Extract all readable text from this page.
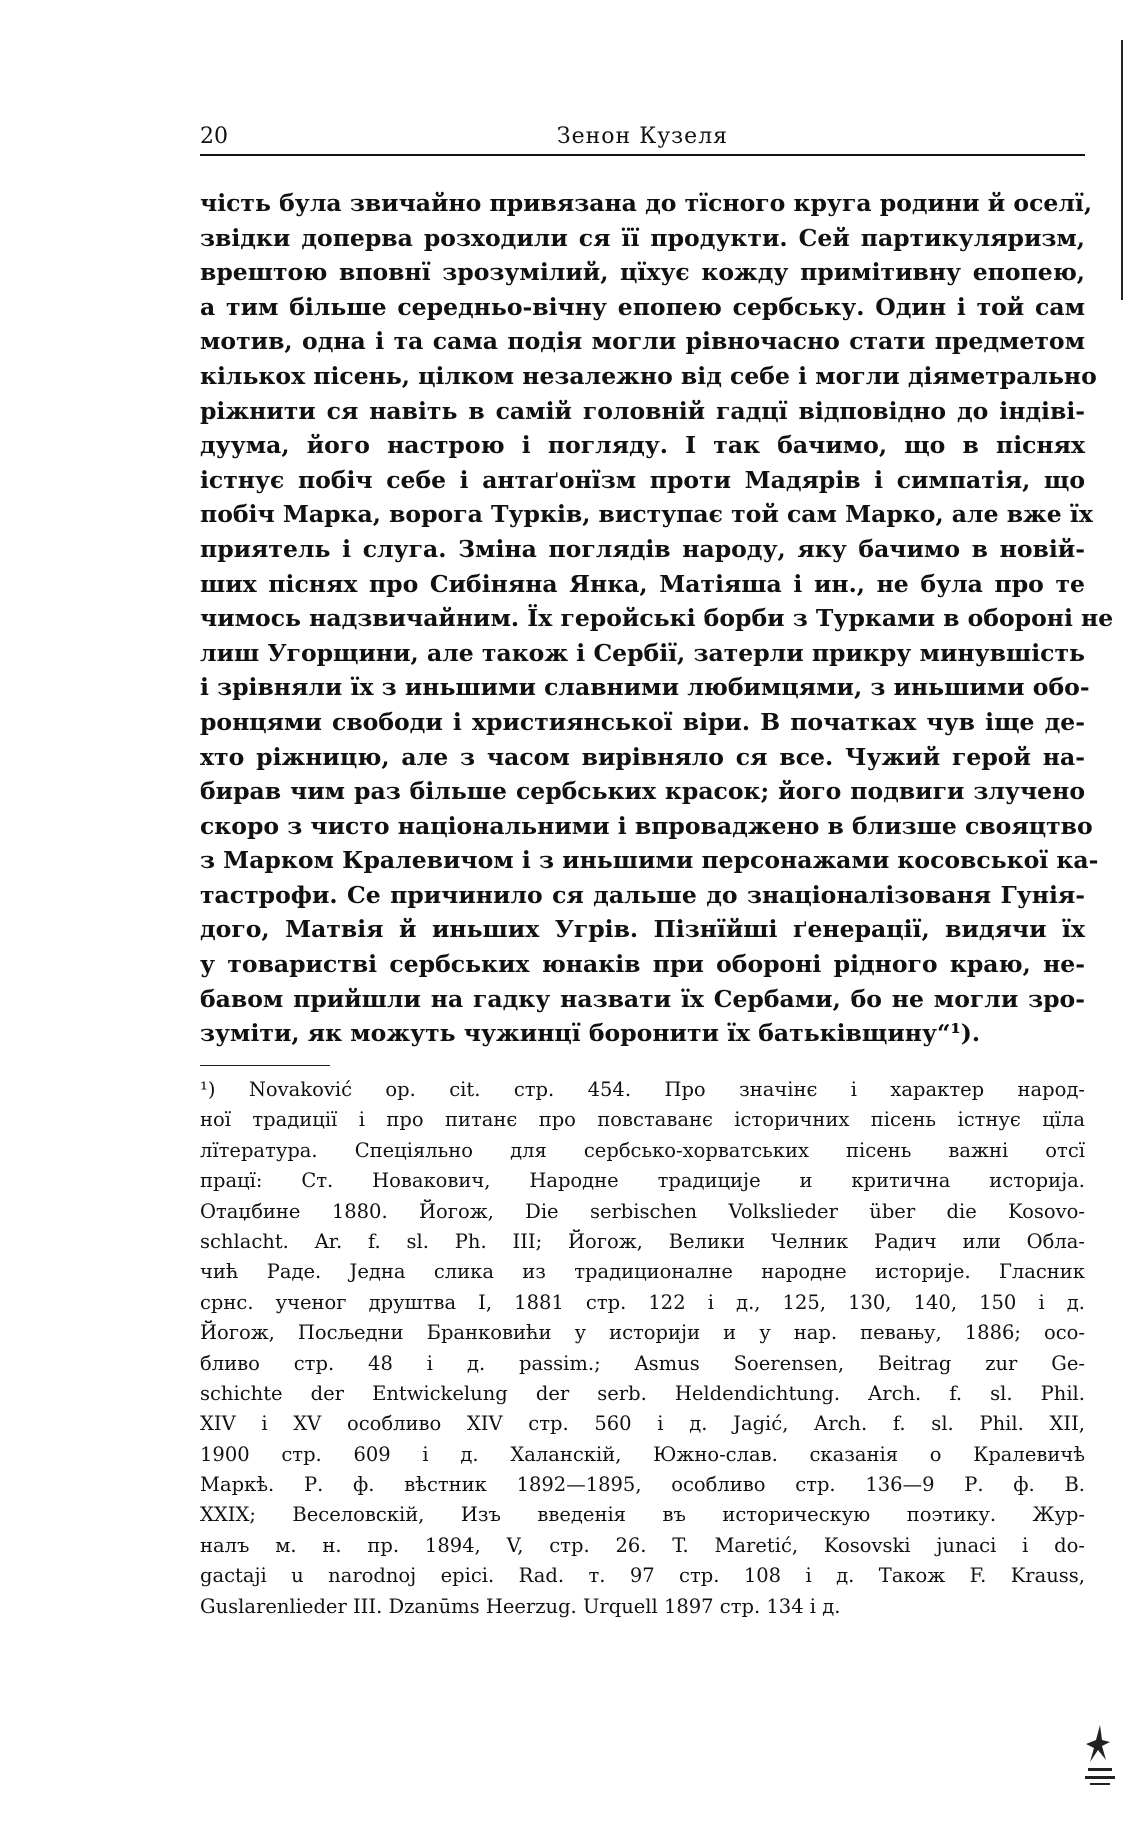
20	Зенон Кузеля
чість була звичайно привязана до тїсного круга родини й оселї,
звідки доперва розходили ся її продукти. Сей партикуляризм,
врештою вповнї зрозумілий, цїхує кожду примітивну епопею,
а тим більше середньо-вічну епопею сербську. Один і той сам
мотив, одна і та сама подія могли рівночасно стати предметом
кількох пісень, цілком незалежно від себе і могли діяметрально
ріжнити ся навіть в самій головній гадцї відповідно до індіві-
дуума, його настрою і погляду. І так бачимо, що в піснях
істнує побіч себе і антаґонїзм проти Мадярів і симпатія, що
побіч Марка, ворога Турків, виступає той сам Марко, але вже їх
приятель і слуга. Зміна поглядів народу, яку бачимо в новій-
ших піснях про Сибіняна Янка, Матіяша і ин., не була про те
чимось надзвичайним. Їх геройські борби з Турками в обороні не
лиш Угорщини, але також і Сербії, затерли прикру минувшість
і зрівняли їх з иньшими славними любимцями, з иньшими обо-
ронцями свободи і християнської віри. В початках чув іще де-
хто ріжницю, але з часом вирівняло ся все. Чужий герой на-
бирав чим раз більше сербських красок; його подвиги злучено
скоро з чисто національними і впроваджено в близше свояцтво
з Марком Кралевичом і з иньшими персонажами косовської ка-
тастрофи. Се причинило ся дальше до знаціоналізованя Гунія-
дого, Матвія й иньших Угрів. Пізнїйші ґенерації, видячи їх
у товаристві сербських юнаків при обороні рідного краю, не-
бавом прийшли на гадку назвати їх Сербами, бо не могли зро-
зуміти, як можуть чужинцї боронити їх батьківщину“¹).
¹) Novaković op. cit. стр. 454. Про значінє і характер народ-
ної традиції і про питанє про повставанє історичних пісень істнує цїла
лїтература. Спеціяльно для сербсько-хорватських пісень важні отсї
працї: Ст. Новакович, Народне традиције и критична историја.
Отаџбине 1880. Йогож, Die serbischen Volkslieder über die Kosovo-
schlacht. Ar. f. sl. Ph. III; Йогож, Велики Челник Радич или Облa-
чић Раде. Једна слика из традиционалне народне историје. Гласник
срнс. ученог друштва I, 1881 стр. 122 і д., 125, 130, 140, 150 і д.
Йогож, Посљедни Бранковићи у историји и у нар. певању, 1886; осо-
бливо стр. 48 і д. passim.; Asmus Soerensen, Beitrag zur Ge-
schichte der Entwickelung der serb. Heldendichtung. Arch. f. sl. Phil.
XIV і XV особливо XIV стр. 560 і д. Jagić, Arch. f. sl. Phil. XII,
1900 стр. 609 і д. Халанскій, Южно-слав. сказанія о Кралевичѣ
Маркѣ. Р. ф. вѣстник 1892—1895, особливо стр. 136—9 Р. ф. В.
XXIX; Веселовскій, Изъ введенія въ историческую поэтику. Жур-
налъ м. н. пр. 1894, V, стр. 26. T. Maretić, Kosovski junaci i do-
gactaji u narodnoj epici. Rad. т. 97 стр. 108 і д. Також F. Krauss,
Guslarenlieder III. Dzanūms Heerzug. Urquell 1897 стр. 134 і д.
